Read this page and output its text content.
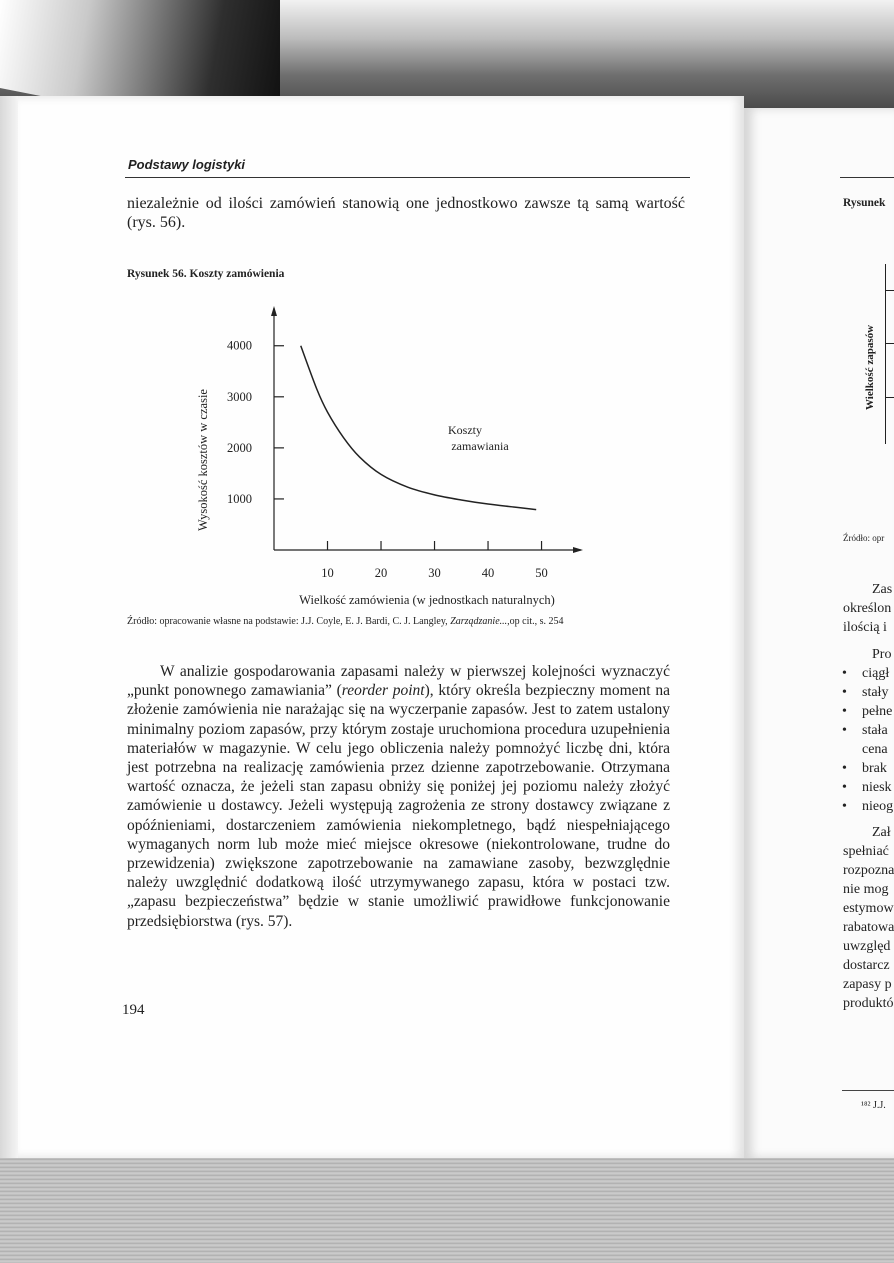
Podstawy logistyki
niezależnie od ilości zamówień stanowią one jednostkowo zawsze tą samą wartość (rys. 56).
Rysunek 56. Koszty zamówienia
1000
2000
3000
4000
10	20	30	40	50
Koszty
zamawiania
Wysokość kosztów w czasie
Wielkość zamówienia (w jednostkach naturalnych)
Źródło: opracowanie własne na podstawie: J.J. Coyle, E. J. Bardi, C. J. Langley, Zarządzanie...,op cit., s. 254
W analizie gospodarowania zapasami należy w pierwszej kolejności wyznaczyć „punkt ponownego zamawiania” (reorder point), który określa bezpieczny moment na złożenie zamówienia nie narażając się na wyczerpanie zapasów. Jest to zatem ustalony minimalny poziom zapasów, przy którym zostaje uruchomiona procedura uzupełnienia materiałów w magazynie. W celu jego obliczenia należy pomnożyć liczbę dni, która jest potrzebna na realizację zamówienia przez dzienne zapotrzebowanie. Otrzymana wartość oznacza, że jeżeli stan zapasu obniży się poniżej jej poziomu należy złożyć zamówienie u dostawcy. Jeżeli występują zagrożenia ze strony dostawcy związane z opóźnieniami, dostarczeniem zamówienia niekompletnego, bądź niespełniającego wymaganych norm lub może mieć miejsce okresowe (niekontrolowane, trudne do przewidzenia) zwiększone zapotrzebowanie na zamawiane zasoby, bezwzględnie należy uwzględnić dodatkową ilość utrzymywanego zapasu, która w postaci tzw. „zapasu bezpieczeństwa” będzie w stanie umożliwić prawidłowe funkcjonowanie przedsiębiorstwa (rys. 57).
194
Rysunek
Wielkość zapasów
Źródło: opr
Zas
określon
ilością i
Pro
• ciągł
• stały
• pełne
• stała
cena
• brak
• niesk
• nieog
Zał
spełniać
rozpozna
nie mog
estymow
rabatowa
uwzględ
dostarcz
zapasy p
produktó
¹⁸² J.J.
